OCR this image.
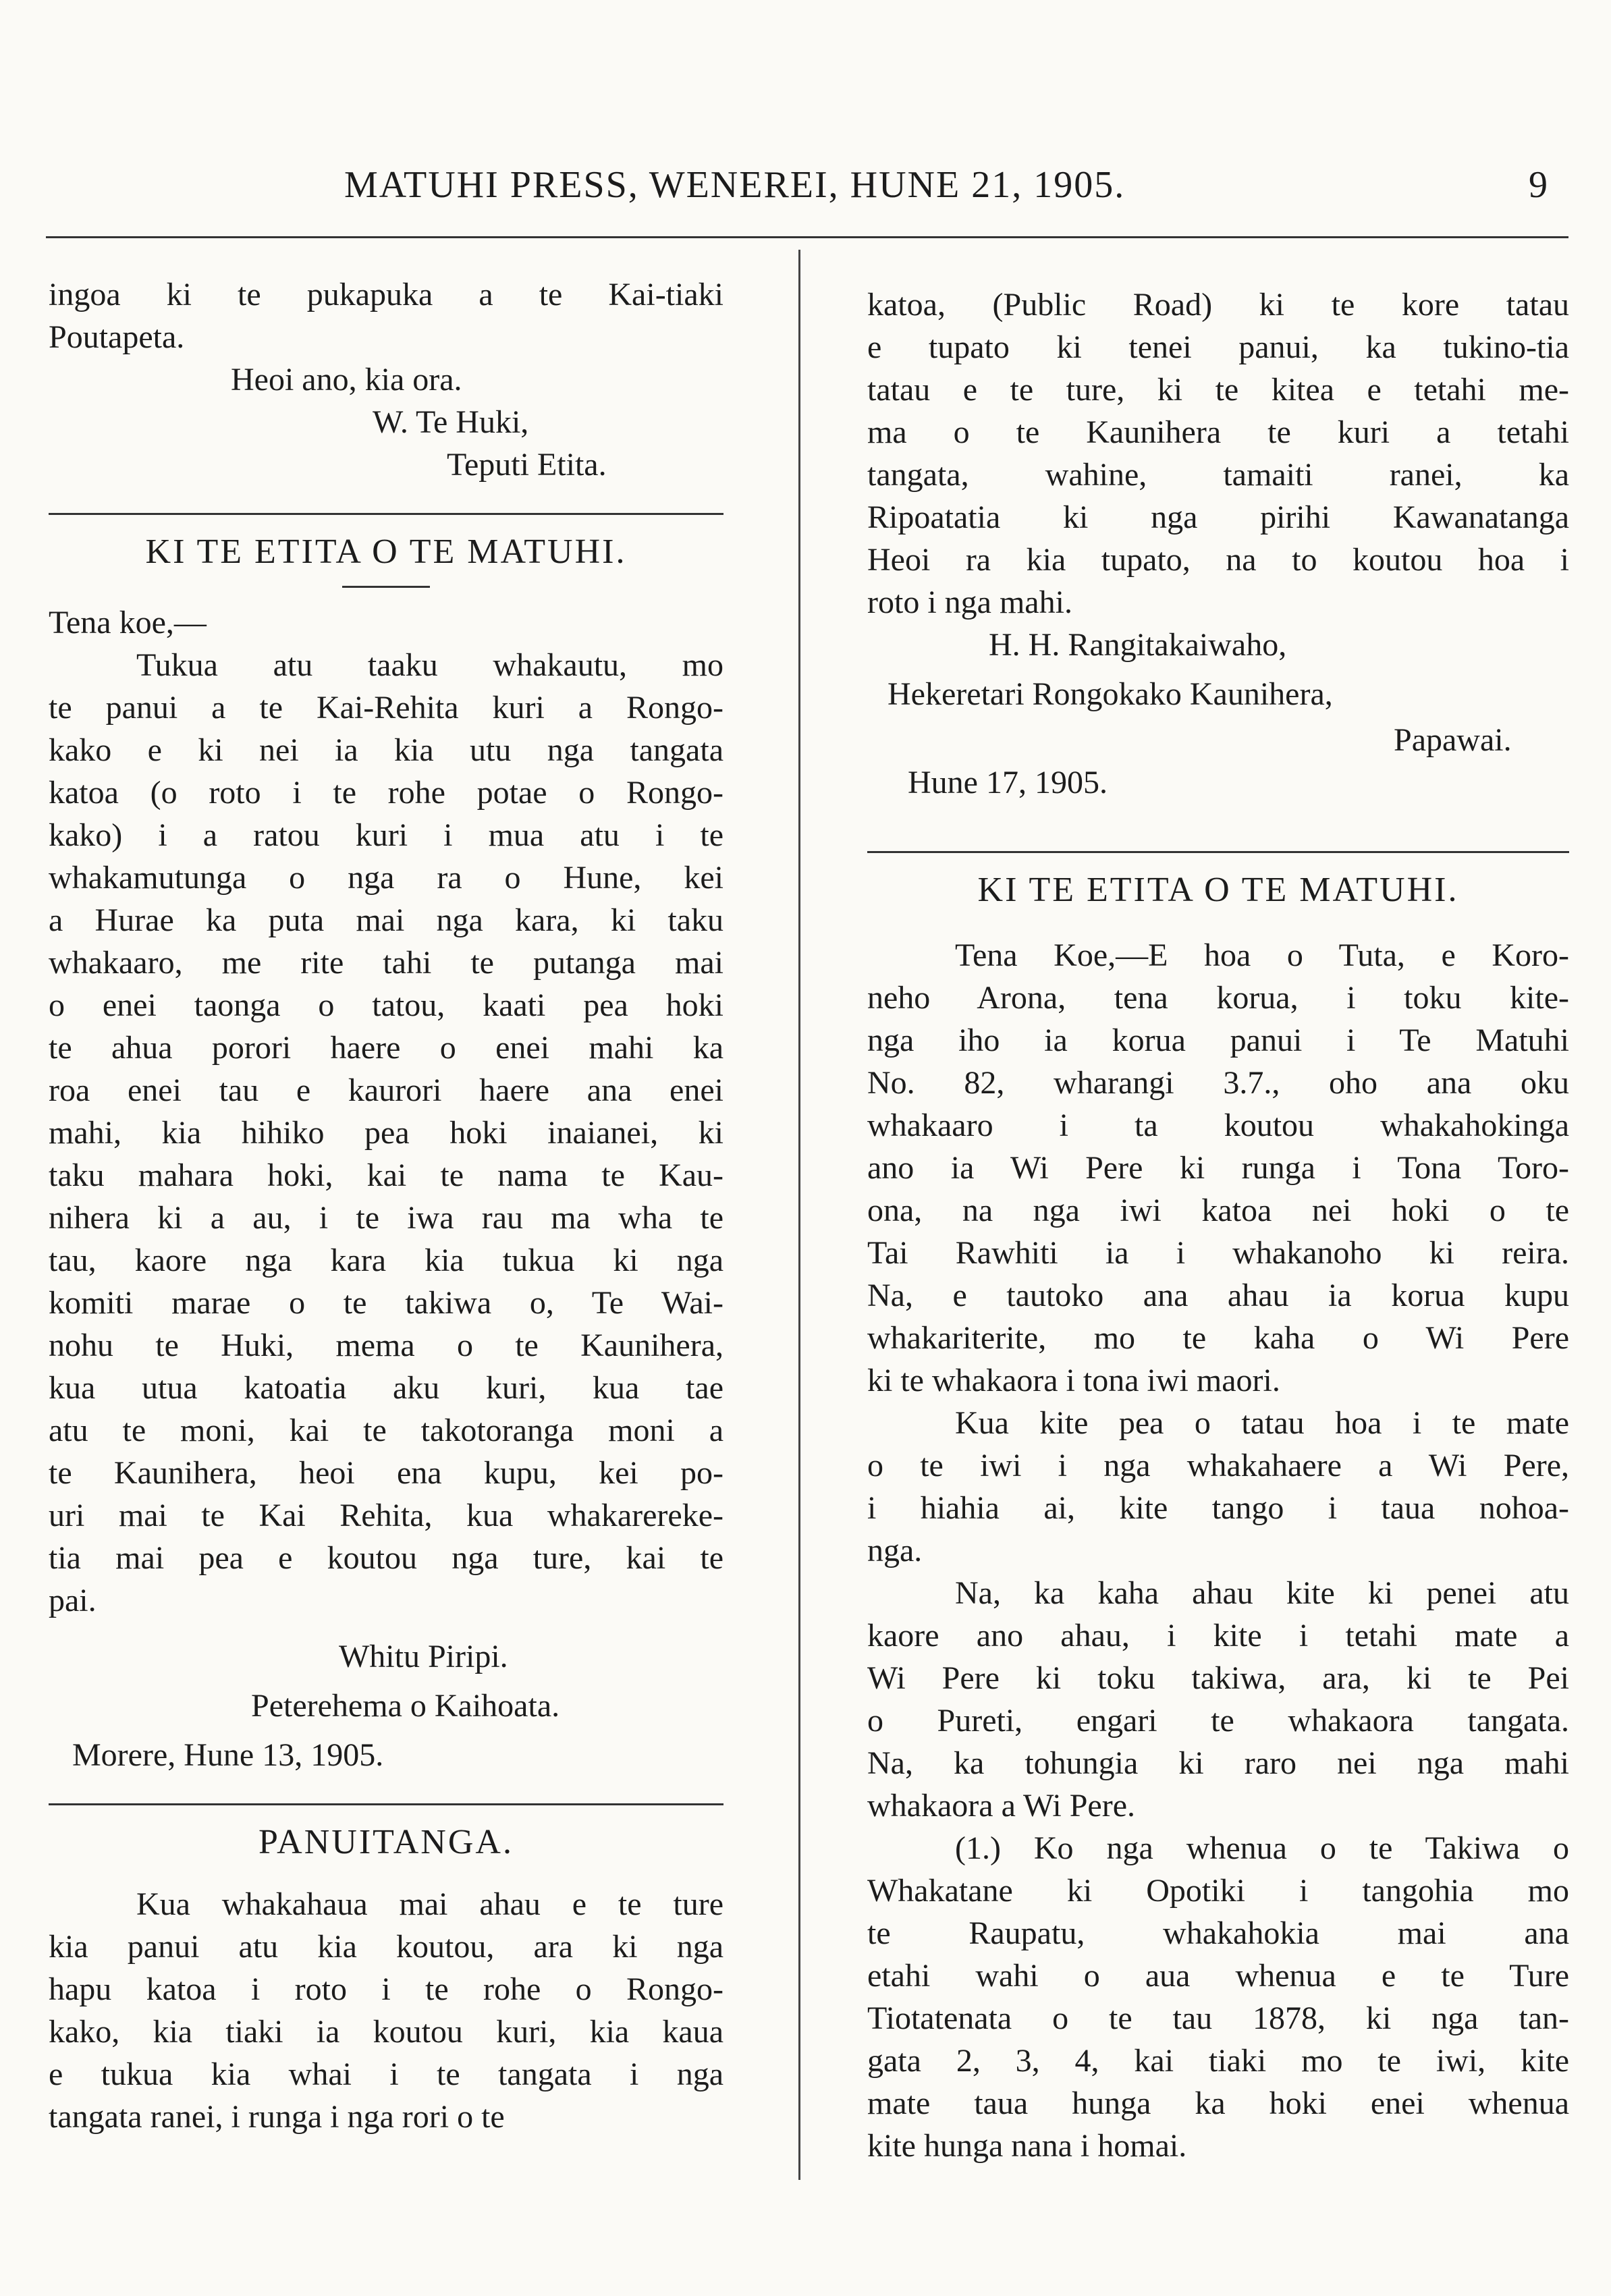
MATUHI PRESS, WENEREI, HUNE 21, 1905.	9
ingoa ki te pukapuka a te Kai-tiaki
Poutapeta.
Heoi ano, kia ora.
W. Te Huki,
Teputi Etita.
KI TE ETITA O TE MATUHI.
Tena koe,—
Tukua atu taaku whakautu, mo
te panui a te Kai-Rehita kuri a Rongo-
kako e ki nei ia kia utu nga tangata
katoa (o roto i te rohe potae o Rongo-
kako) i a ratou kuri i mua atu i te
whakamutunga o nga ra o Hune, kei
a Hurae ka puta mai nga kara, ki taku
whakaaro, me rite tahi te putanga mai
o enei taonga o tatou, kaati pea hoki
te ahua porori haere o enei mahi ka
roa enei tau e kaurori haere ana enei
mahi, kia hihiko pea hoki inaianei, ki
taku mahara hoki, kai te nama te Kau-
nihera ki a au, i te iwa rau ma wha te
tau, kaore nga kara kia tukua ki nga
komiti marae o te takiwa o, Te Wai-
nohu te Huki, mema o te Kaunihera,
kua utua katoatia aku kuri, kua tae
atu te moni, kai te takotoranga moni a
te Kaunihera, heoi ena kupu, kei po-
uri mai te Kai Rehita, kua whakarereke-
tia mai pea e koutou nga ture, kai te
pai.
Whitu Piripi.
Peterehema o Kaihoata.
Morere, Hune 13, 1905.
PANUITANGA.
Kua whakahaua mai ahau e te ture
kia panui atu kia koutou, ara ki nga
hapu katoa i roto i te rohe o Rongo-
kako, kia tiaki ia koutou kuri, kia kaua
e tukua kia whai i te tangata i nga
tangata ranei, i runga i nga rori o te
katoa, (Public Road) ki te kore tatau
e tupato ki tenei panui, ka tukino-tia
tatau e te ture, ki te kitea e tetahi me-
ma o te Kaunihera te kuri a tetahi
tangata, wahine, tamaiti ranei, ka
Ripoatatia ki nga pirihi Kawanatanga
Heoi ra kia tupato, na to koutou hoa i
roto i nga mahi.
H. H. Rangitakaiwaho,
Hekeretari Rongokako Kaunihera,
Papawai.
Hune 17, 1905.
KI TE ETITA O TE MATUHI.
Tena Koe,—E hoa o Tuta, e Koro-
neho Arona, tena korua, i toku kite-
nga iho ia korua panui i Te Matuhi
No. 82, wharangi 3.7., oho ana oku
whakaaro i ta koutou whakahokinga
ano ia Wi Pere ki runga i Tona Toro-
ona, na nga iwi katoa nei hoki o te
Tai Rawhiti ia i whakanoho ki reira.
Na, e tautoko ana ahau ia korua kupu
whakariterite, mo te kaha o Wi Pere
ki te whakaora i tona iwi maori.
Kua kite pea o tatau hoa i te mate
o te iwi i nga whakahaere a Wi Pere,
i hiahia ai, kite tango i taua nohoa-
nga.
Na, ka kaha ahau kite ki penei atu
kaore ano ahau, i kite i tetahi mate a
Wi Pere ki toku takiwa, ara, ki te Pei
o Pureti, engari te whakaora tangata.
Na, ka tohungia ki raro nei nga mahi
whakaora a Wi Pere.
(1.) Ko nga whenua o te Takiwa o
Whakatane ki Opotiki i tangohia mo
te Raupatu, whakahokia mai ana
etahi wahi o aua whenua e te Ture
Tiotatenata o te tau 1878, ki nga tan-
gata 2, 3, 4, kai tiaki mo te iwi, kite
mate taua hunga ka hoki enei whenua
kite hunga nana i homai.
